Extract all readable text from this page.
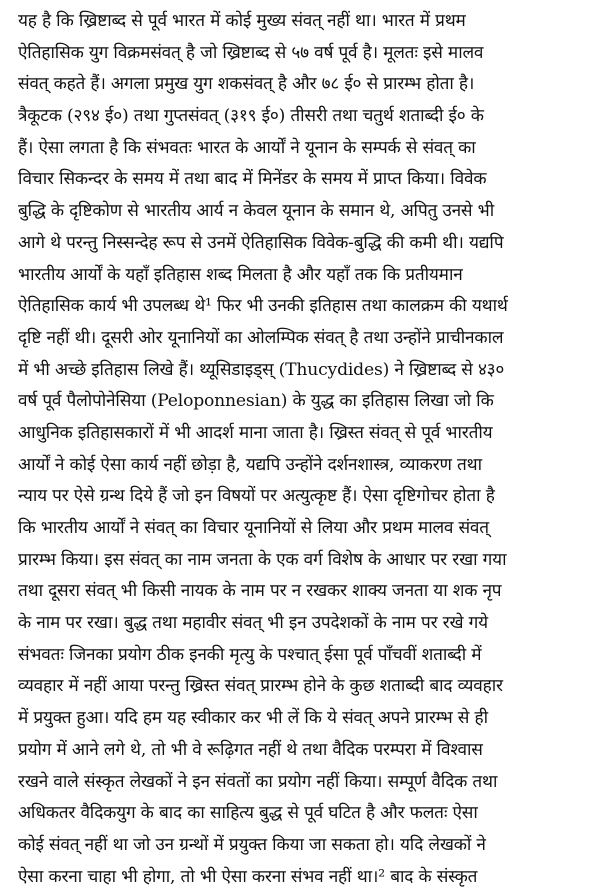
यह है कि ख्रिष्टाब्द से पूर्व भारत में कोई मुख्य संवत् नहीं था। भारत में प्रथम
ऐतिहासिक युग विक्रमसंवत् है जो ख्रिष्टाब्द से ५७ वर्ष पूर्व है। मूलतः इसे मालव
संवत् कहते हैं। अगला प्रमुख युग शकसंवत् है और ७८ ई० से प्रारम्भ होता है।
त्रैकूटक (२९४ ई०) तथा गुप्तसंवत् (३१९ ई०) तीसरी तथा चतुर्थ शताब्दी ई० के
हैं। ऐसा लगता है कि संभवतः भारत के आर्यों ने यूनान के सम्पर्क से संवत् का
विचार सिकन्दर के समय में तथा बाद में मिनेंडर के समय में प्राप्त किया। विवेक
बुद्धि के दृष्टिकोण से भारतीय आर्य न केवल यूनान के समान थे, अपितु उनसे भी
आगे थे परन्तु निस्सन्देह रूप से उनमें ऐतिहासिक विवेक-बुद्धि की कमी थी। यद्यपि
भारतीय आर्यों के यहाँ इतिहास शब्द मिलता है और यहाँ तक कि प्रतीयमान
ऐतिहासिक कार्य भी उपलब्ध थे¹ फिर भी उनकी इतिहास तथा कालक्रम की यथार्थ
दृष्टि नहीं थी। दूसरी ओर यूनानियों का ओलम्पिक संवत् है तथा उन्होंने प्राचीनकाल
में भी अच्छे इतिहास लिखे हैं। थ्यूसिडाइड्स् (Thucydides) ने ख्रिष्टाब्द से ४३०
वर्ष पूर्व पैलोपोनेसिया (Peloponnesian) के युद्ध का इतिहास लिखा जो कि
आधुनिक इतिहासकारों में भी आदर्श माना जाता है। ख्रिस्त संवत् से पूर्व भारतीय
आर्यों ने कोई ऐसा कार्य नहीं छोड़ा है, यद्यपि उन्होंने दर्शनशास्त्र, व्याकरण तथा
न्याय पर ऐसे ग्रन्थ दिये हैं जो इन विषयों पर अत्युत्कृष्ट हैं। ऐसा दृष्टिगोचर होता है
कि भारतीय आर्यों ने संवत् का विचार यूनानियों से लिया और प्रथम मालव संवत्
प्रारम्भ किया। इस संवत् का नाम जनता के एक वर्ग विशेष के आधार पर रखा गया
तथा दूसरा संवत् भी किसी नायक के नाम पर न रखकर शाक्य जनता या शक नृप
के नाम पर रखा। बुद्ध तथा महावीर संवत् भी इन उपदेशकों के नाम पर रखे गये
संभवतः जिनका प्रयोग ठीक इनकी मृत्यु के पश्चात् ईसा पूर्व पाँचवीं शताब्दी में
व्यवहार में नहीं आया परन्तु ख्रिस्त संवत् प्रारम्भ होने के कुछ शताब्दी बाद व्यवहार
में प्रयुक्त हुआ। यदि हम यह स्वीकार कर भी लें कि ये संवत् अपने प्रारम्भ से ही
प्रयोग में आने लगे थे, तो भी वे रूढ़िगत नहीं थे तथा वैदिक परम्परा में विश्वास
रखने वाले संस्कृत लेखकों ने इन संवतों का प्रयोग नहीं किया। सम्पूर्ण वैदिक तथा
अधिकतर वैदिकयुग के बाद का साहित्य बुद्ध से पूर्व घटित है और फलतः ऐसा
कोई संवत् नहीं था जो उन ग्रन्थों में प्रयुक्त किया जा सकता हो। यदि लेखकों ने
ऐसा करना चाहा भी होगा, तो भी ऐसा करना संभव नहीं था।² बाद के संस्कृत
